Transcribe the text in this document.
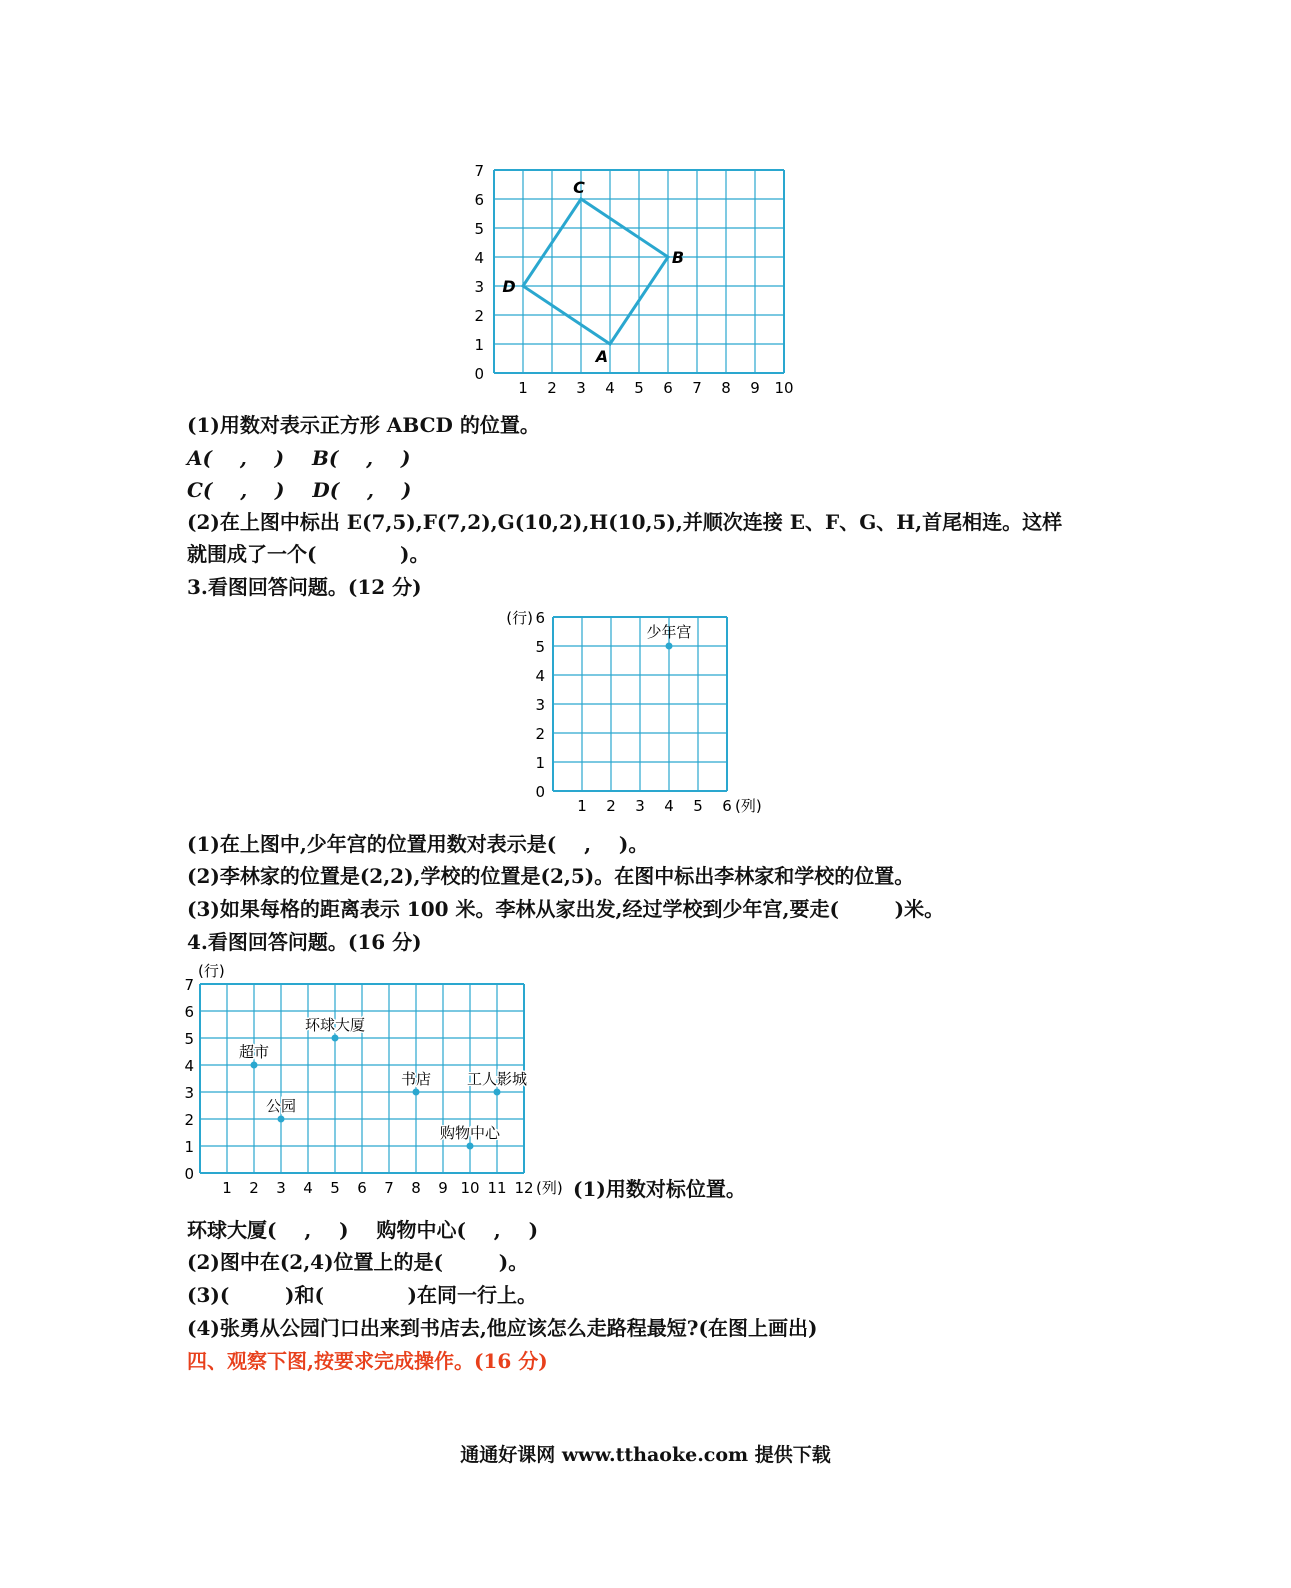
0
1
2
3
4
5
6
7
1 2 3 4 5 6 7 8 9 10
A
B
C
D
(1)用数对表示正方形 ABCD 的位置。
A(    ,    )    B(    ,    )
C(    ,    )    D(    ,    )
(2)在上图中标出 E(7,5),F(7,2),G(10,2),H(10,5),并顺次连接 E、F、G、H,首尾相连。这样
就围成了一个(            )。
3.看图回答问题。(12 分)
0
1
2
3
4
5
6
1 2 3 4 5 6
(行)
(列)
少年宫
(1)在上图中,少年宫的位置用数对表示是(    ,    )。
(2)李林家的位置是(2,2),学校的位置是(2,5)。在图中标出李林家和学校的位置。
(3)如果每格的距离表示 100 米。李林从家出发,经过学校到少年宫,要走(        )米。
4.看图回答问题。(16 分)
0
1
2
3
4
5
6
7
1 2 3 4 5 6 7 8 9 10 11 12
(行)
(列)
超市
公园
环球大厦
书店 工人影城
购物中心
(1)用数对标位置。
环球大厦(    ,    )    购物中心(    ,    )
(2)图中在(2,4)位置上的是(        )。
(3)(        )和(            )在同一行上。
(4)张勇从公园门口出来到书店去,他应该怎么走路程最短?(在图上画出)
四、观察下图,按要求完成操作。(16 分)
通通好课网 www.tthaoke.com 提供下载
